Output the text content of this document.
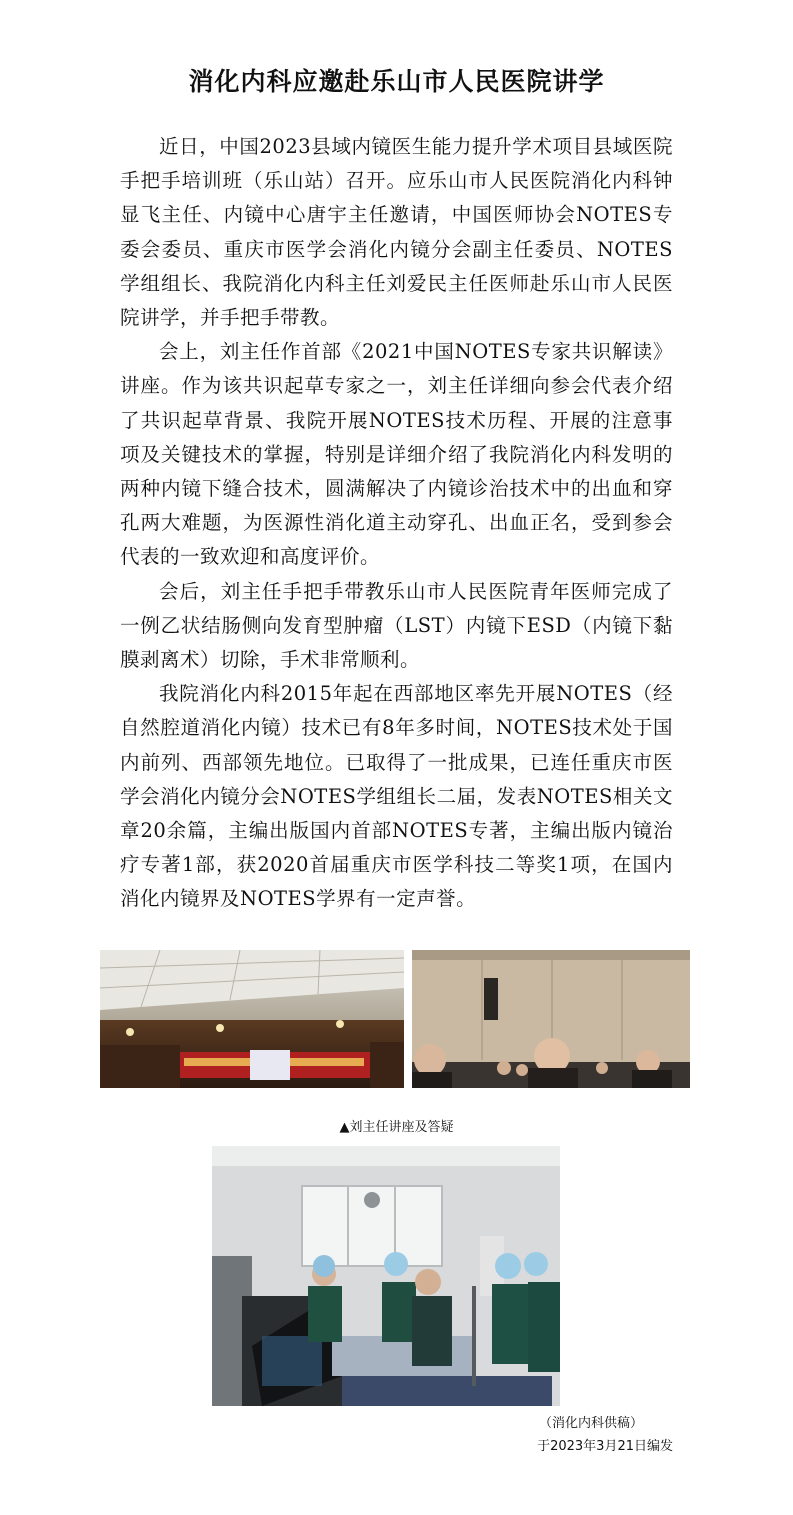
消化内科应邀赴乐山市人民医院讲学

近日，中国2023县域内镜医生能力提升学术项目县域医院手把手培训班（乐山站）召开。应乐山市人民医院消化内科钟显飞主任、内镜中心唐宇主任邀请，中国医师协会NOTES专委会委员、重庆市医学会消化内镜分会副主任委员、NOTES学组组长、我院消化内科主任刘爱民主任医师赴乐山市人民医院讲学，并手把手带教。

会上，刘主任作首部《2021中国NOTES专家共识解读》讲座。作为该共识起草专家之一，刘主任详细向参会代表介绍了共识起草背景、我院开展NOTES技术历程、开展的注意事项及关键技术的掌握，特别是详细介绍了我院消化内科发明的两种内镜下缝合技术，圆满解决了内镜诊治技术中的出血和穿孔两大难题，为医源性消化道主动穿孔、出血正名，受到参会代表的一致欢迎和高度评价。

会后，刘主任手把手带教乐山市人民医院青年医师完成了一例乙状结肠侧向发育型肿瘤（LST）内镜下ESD（内镜下黏膜剥离术）切除，手术非常顺利。

我院消化内科2015年起在西部地区率先开展NOTES（经自然腔道消化内镜）技术已有8年多时间，NOTES技术处于国内前列、西部领先地位。已取得了一批成果，已连任重庆市医学会消化内镜分会NOTES学组组长二届，发表NOTES相关文章20余篇，主编出版国内首部NOTES专著，主编出版内镜治疗专著1部，获2020首届重庆市医学科技二等奖1项，在国内消化内镜界及NOTES学界有一定声誉。

▲刘主任讲座及答疑
（消化内科供稿）
于2023年3月21日编发
